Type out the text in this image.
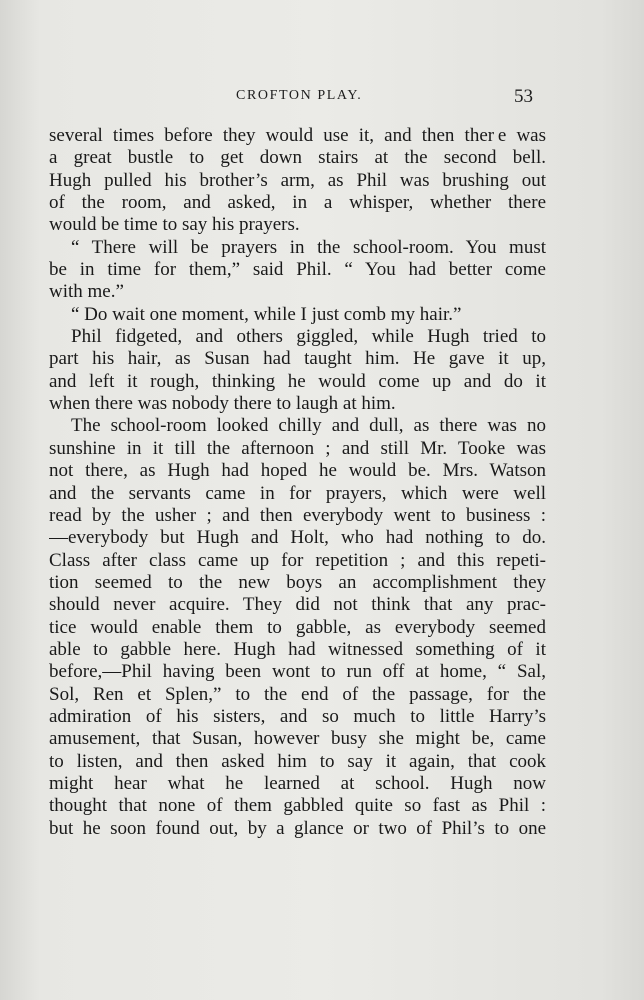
CROFTON PLAY.	53
several times before they would use it, and then ther e was
a great bustle to get down stairs at the second bell.
Hugh pulled his brother’s arm, as Phil was brushing out
of the room, and asked, in a whisper, whether there
would be time to say his prayers.
“ There will be prayers in the school-room. You must
be in time for them,” said Phil. “ You had better come
with me.”
“ Do wait one moment, while I just comb my hair.”
Phil fidgeted, and others giggled, while Hugh tried to
part his hair, as Susan had taught him. He gave it up,
and left it rough, thinking he would come up and do it
when there was nobody there to laugh at him.
The school-room looked chilly and dull, as there was no
sunshine in it till the afternoon ; and still Mr. Tooke was
not there, as Hugh had hoped he would be. Mrs. Watson
and the servants came in for prayers, which were well
read by the usher ; and then everybody went to business :
—everybody but Hugh and Holt, who had nothing to do.
Class after class came up for repetition ; and this repeti-
tion seemed to the new boys an accomplishment they
should never acquire. They did not think that any prac-
tice would enable them to gabble, as everybody seemed
able to gabble here. Hugh had witnessed something of it
before,—Phil having been wont to run off at home, “ Sal,
Sol, Ren et Splen,” to the end of the passage, for the
admiration of his sisters, and so much to little Harry’s
amusement, that Susan, however busy she might be, came
to listen, and then asked him to say it again, that cook
might hear what he learned at school. Hugh now
thought that none of them gabbled quite so fast as Phil :
but he soon found out, by a glance or two of Phil’s to one
